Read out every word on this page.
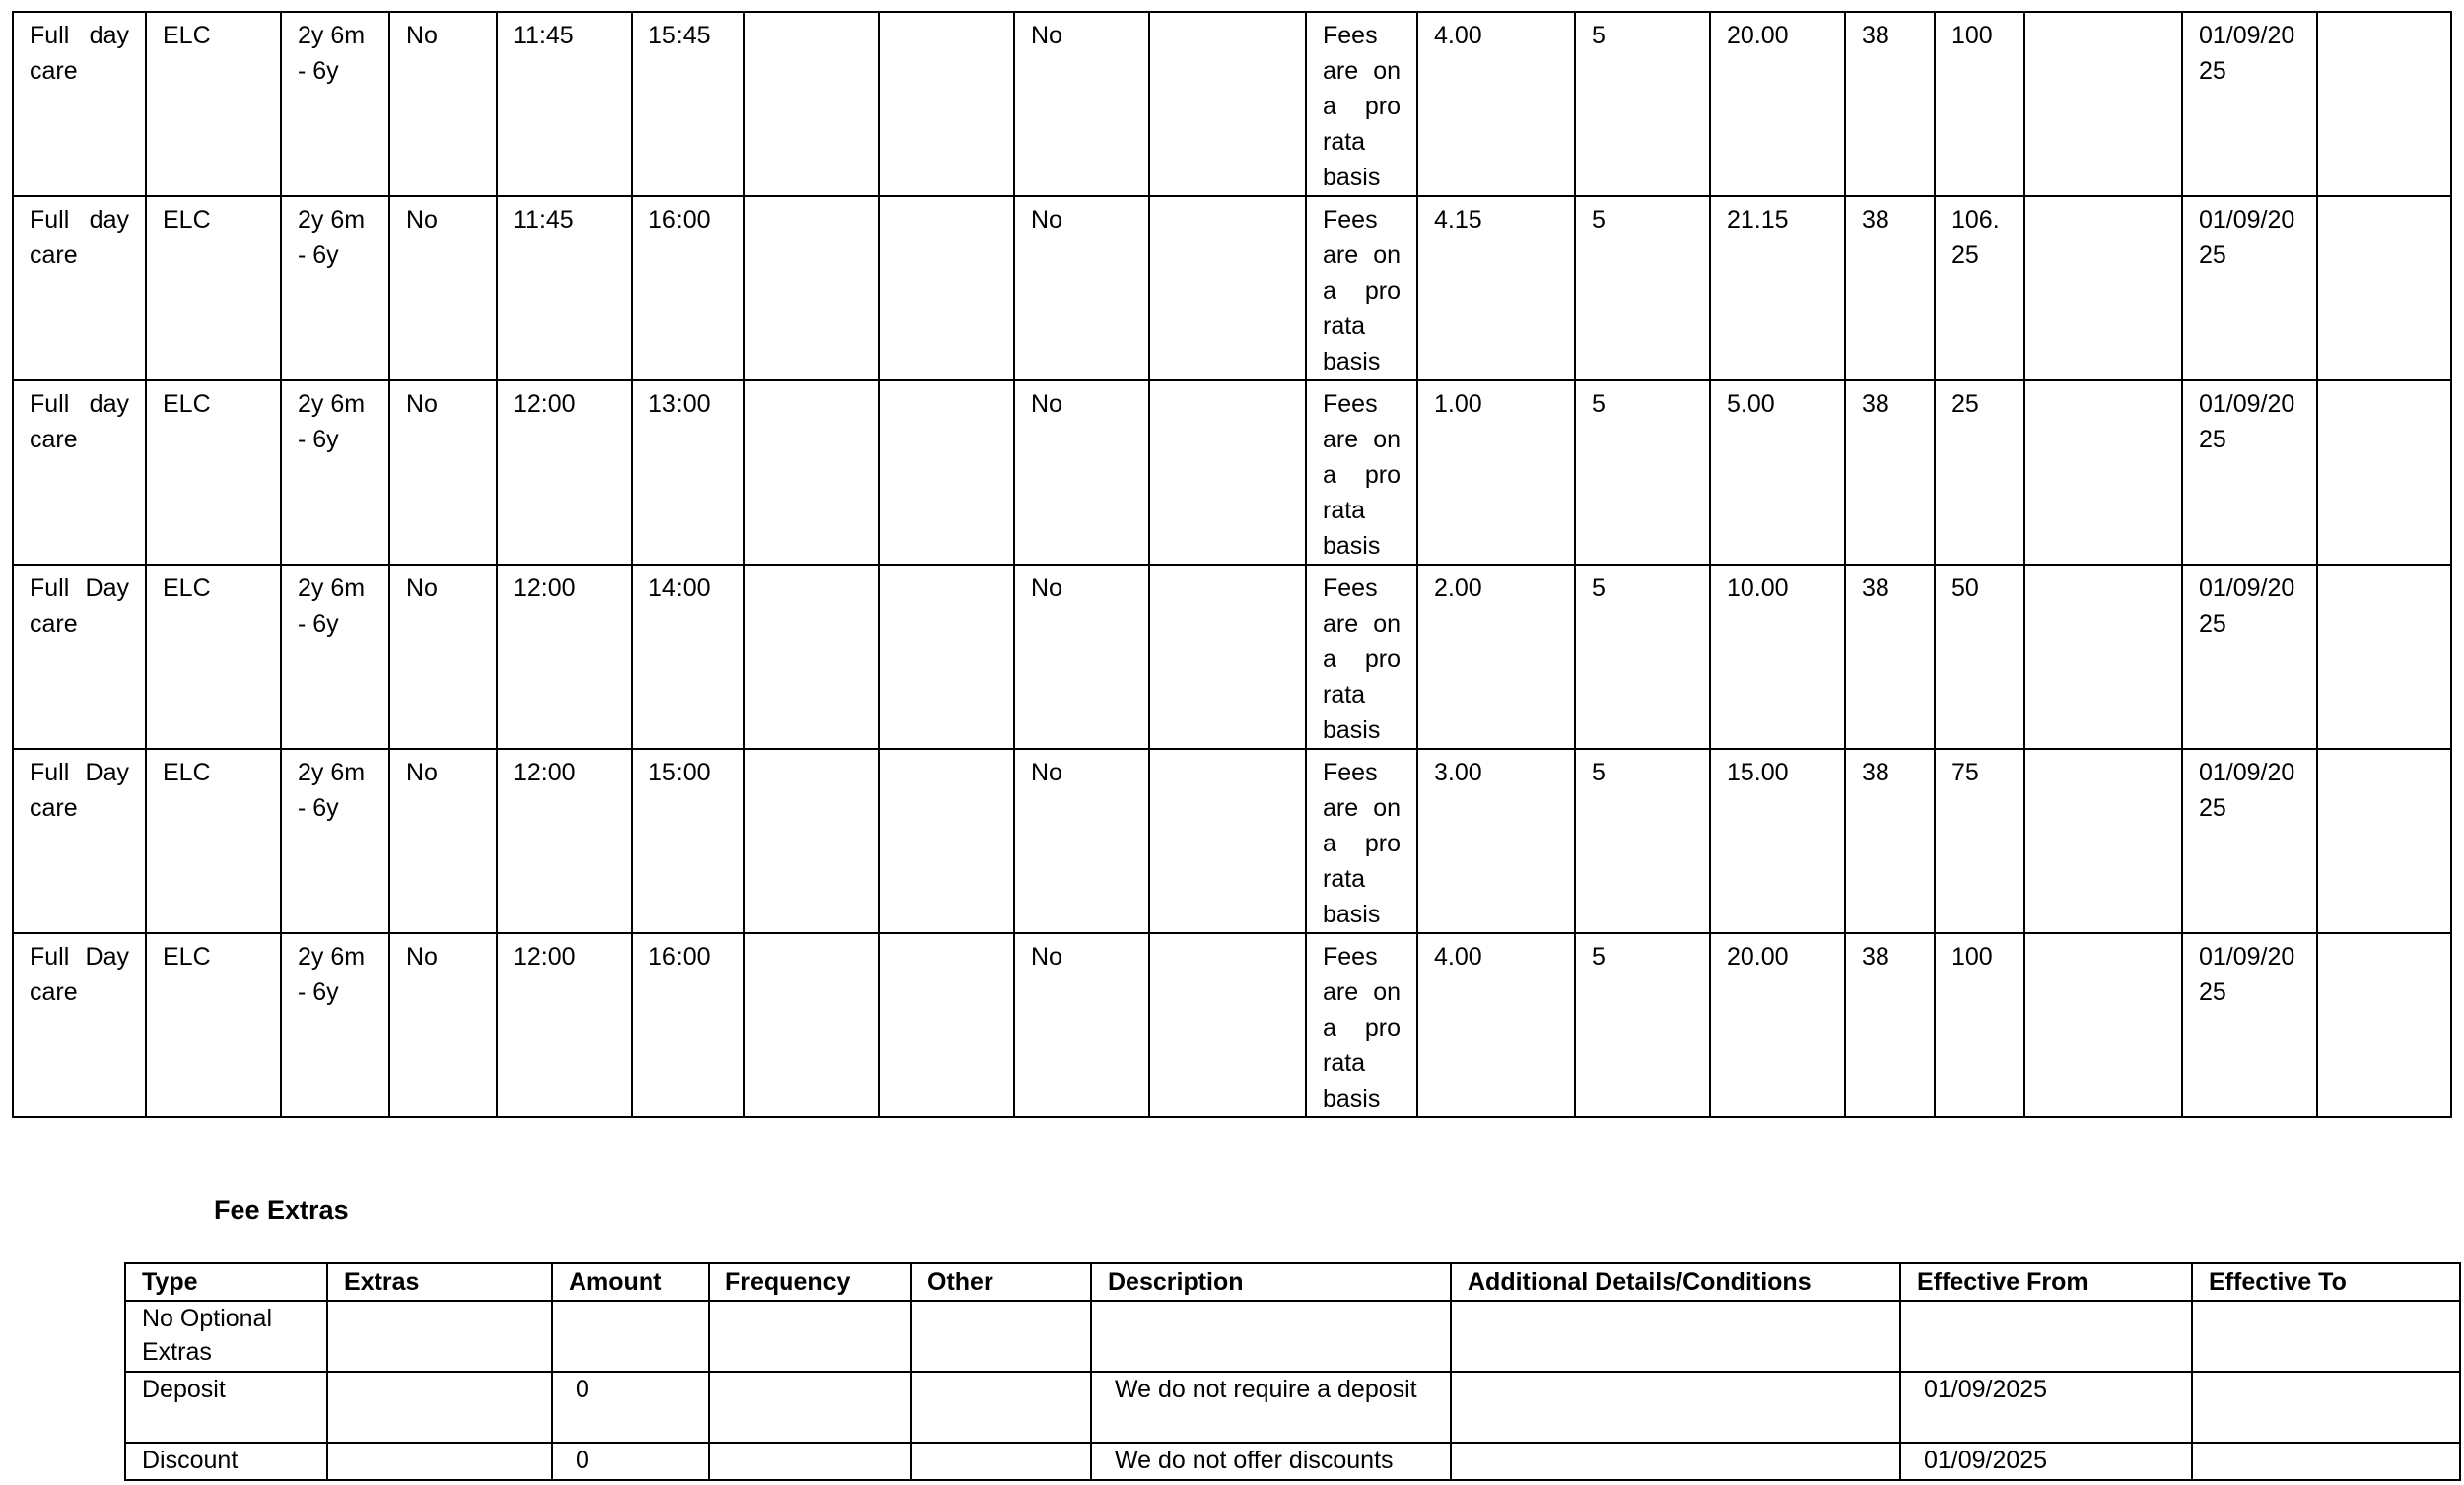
Full day care	ELC	2y 6m - 6y	No	11:45	15:45			No		Fees are on a pro rata basis	4.00	5	20.00	38	100		01/09/2025	
Full day care	ELC	2y 6m - 6y	No	11:45	16:00			No		Fees are on a pro rata basis	4.15	5	21.15	38	106.25		01/09/2025	
Full day care	ELC	2y 6m - 6y	No	12:00	13:00			No		Fees are on a pro rata basis	1.00	5	5.00	38	25		01/09/2025	
Full Day care	ELC	2y 6m - 6y	No	12:00	14:00			No		Fees are on a pro rata basis	2.00	5	10.00	38	50		01/09/2025	
Full Day care	ELC	2y 6m - 6y	No	12:00	15:00			No		Fees are on a pro rata basis	3.00	5	15.00	38	75		01/09/2025	
Full Day care	ELC	2y 6m - 6y	No	12:00	16:00			No		Fees are on a pro rata basis	4.00	5	20.00	38	100		01/09/2025	
Fee Extras
Type	Extras	Amount	Frequency	Other	Description	Additional Details/Conditions	Effective From	Effective To
No Optional Extras								
Deposit		0			We do not require a deposit		01/09/2025	
Discount		0			We do not offer discounts		01/09/2025	
